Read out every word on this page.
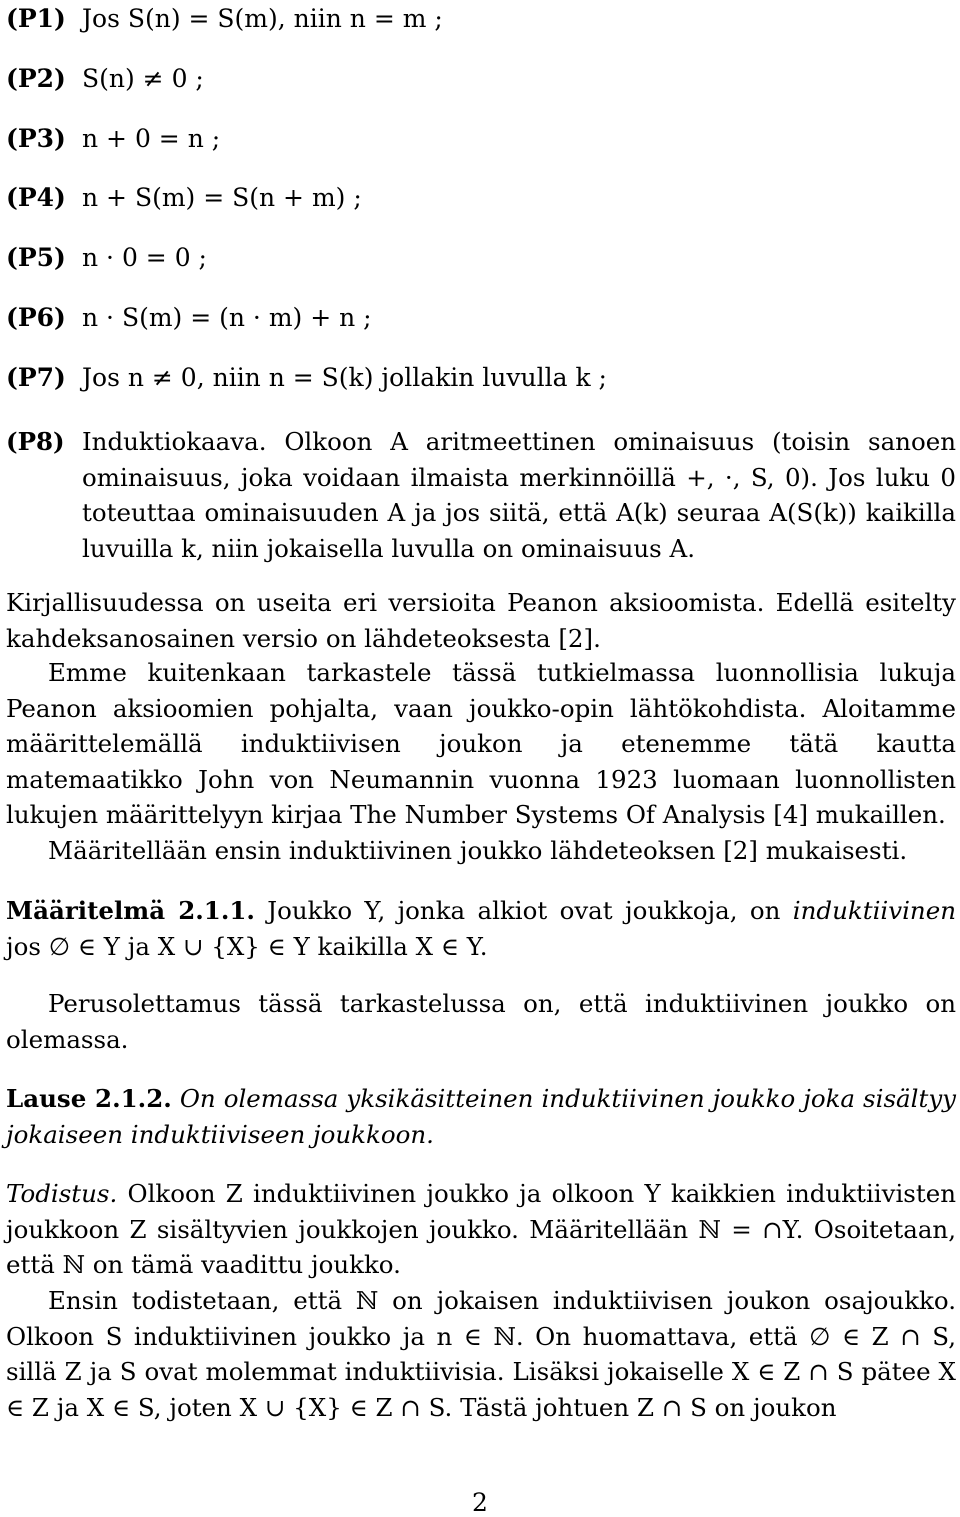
(P1) Jos S(n) = S(m), niin n = m ;
(P2) S(n) ≠ 0 ;
(P3) n + 0 = n ;
(P4) n + S(m) = S(n + m) ;
(P5) n · 0 = 0 ;
(P6) n · S(m) = (n · m) + n ;
(P7) Jos n ≠ 0, niin n = S(k) jollakin luvulla k ;
(P8) Induktiokaava. Olkoon A aritmeettinen ominaisuus (toisin sanoen ominaisuus, joka voidaan ilmaista merkinnöillä +, ·, S, 0). Jos luku 0 toteuttaa ominaisuuden A ja jos siitä, että A(k) seuraa A(S(k)) kaikilla luvuilla k, niin jokaisella luvulla on ominaisuus A.
Kirjallisuudessa on useita eri versioita Peanon aksioomista. Edellä esitelty kahdeksanosainen versio on lähdeteoksesta [2].
Emme kuitenkaan tarkastele tässä tutkielmassa luonnollisia lukuja Peanon aksioomien pohjalta, vaan joukko-opin lähtökohdista. Aloitamme määrittelemällä induktiivisen joukon ja etenemme tätä kautta matemaatikko John von Neumannin vuonna 1923 luomaan luonnollisten lukujen määrittelyyn kirjaa The Number Systems Of Analysis [4] mukaillen.
Määritellään ensin induktiivinen joukko lähdeteoksen [2] mukaisesti.
Määritelmä 2.1.1. Joukko Y, jonka alkiot ovat joukkoja, on induktiivinen jos ∅ ∈ Y ja X ∪ {X} ∈ Y kaikilla X ∈ Y.
Perusolettamus tässä tarkastelussa on, että induktiivinen joukko on olemassa.
Lause 2.1.2. On olemassa yksikäsitteinen induktiivinen joukko joka sisältyy jokaiseen induktiiviseen joukkoon.
Todistus. Olkoon Z induktiivinen joukko ja olkoon Y kaikkien induktiivisten joukkoon Z sisältyvien joukkojen joukko. Määritellään ℕ = ∩Y. Osoitetaan, että ℕ on tämä vaadittu joukko.
Ensin todistetaan, että ℕ on jokaisen induktiivisen joukon osajoukko. Olkoon S induktiivinen joukko ja n ∈ ℕ. On huomattava, että ∅ ∈ Z ∩ S, sillä Z ja S ovat molemmat induktiivisia. Lisäksi jokaiselle X ∈ Z ∩ S pätee X ∈ Z ja X ∈ S, joten X ∪ {X} ∈ Z ∩ S. Tästä johtuen Z ∩ S on joukon
2
